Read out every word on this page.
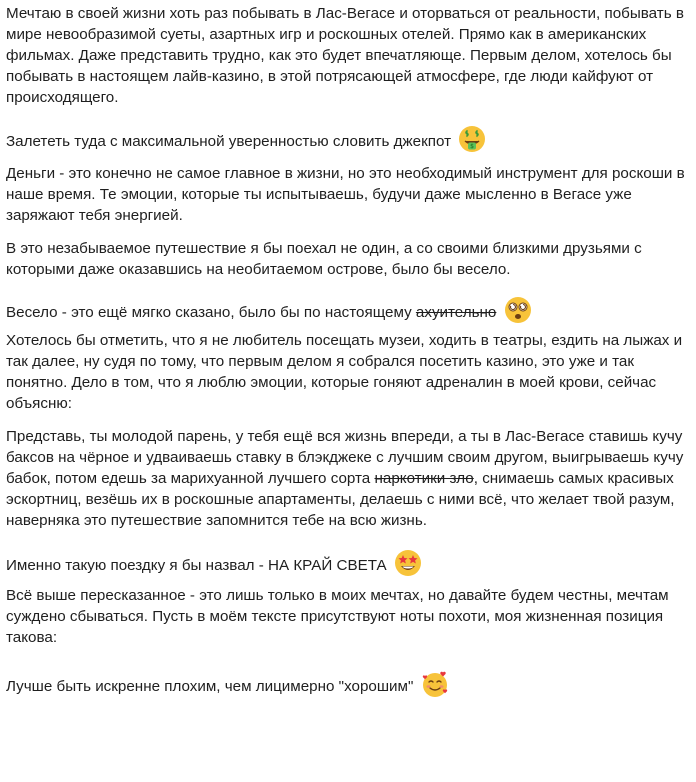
Мечтаю в своей жизни хоть раз побывать в Лас-Вегасе и оторваться от реальности, побывать в мире невообразимой суеты, азартных игр и роскошных отелей. Прямо как в американских фильмах. Даже представить трудно, как это будет впечатляюще. Первым делом, хотелось бы побывать в настоящем лайв-казино, в этой потрясающей атмосфере, где люди кайфуют от происходящего.

Залететь туда с максимальной уверенностью словить джекпот	$

Деньги - это конечно не самое главное в жизни, но это необходимый инструмент для роскоши в наше время. Те эмоции, которые ты испытываешь, будучи даже мысленно в Вегасе уже заряжают тебя энергией.

В это незабываемое путешествие я бы поехал не один, а со своими близкими друзьями с которыми даже оказавшись на необитаемом острове, было бы весело.

Весело - это ещё мягко сказано, было бы по настоящему ахуительно

Хотелось бы отметить, что я не любитель посещать музеи, ходить в театры, ездить на лыжах и так далее, ну судя по тому, что первым делом я собрался посетить казино, это уже и так понятно. Дело в том, что я люблю эмоции, которые гоняют адреналин в моей крови, сейчас объясню:

Представь, ты молодой парень, у тебя ещё вся жизнь впереди, а ты в Лас-Вегасе ставишь кучу баксов на чёрное и удваиваешь ставку в блэкджеке с лучшим своим другом, выигрываешь кучу бабок, потом едешь за марихуанной лучшего сорта наркотики зло, снимаешь самых красивых эскортниц, везёшь их в роскошные апартаменты, делаешь с ними всё, что желает твой разум, наверняка это путешествие запомнится тебе на всю жизнь.

Именно такую поездку я бы назвал - НА КРАЙ СВЕТА

Всё выше пересказанное - это лишь только в моих мечтах, но давайте будем честны, мечтам суждено сбываться. Пусть в моём тексте присутствуют ноты похоти, моя жизненная позиция такова:

Лучше быть искренне плохим, чем лицимерно "хорошим"
